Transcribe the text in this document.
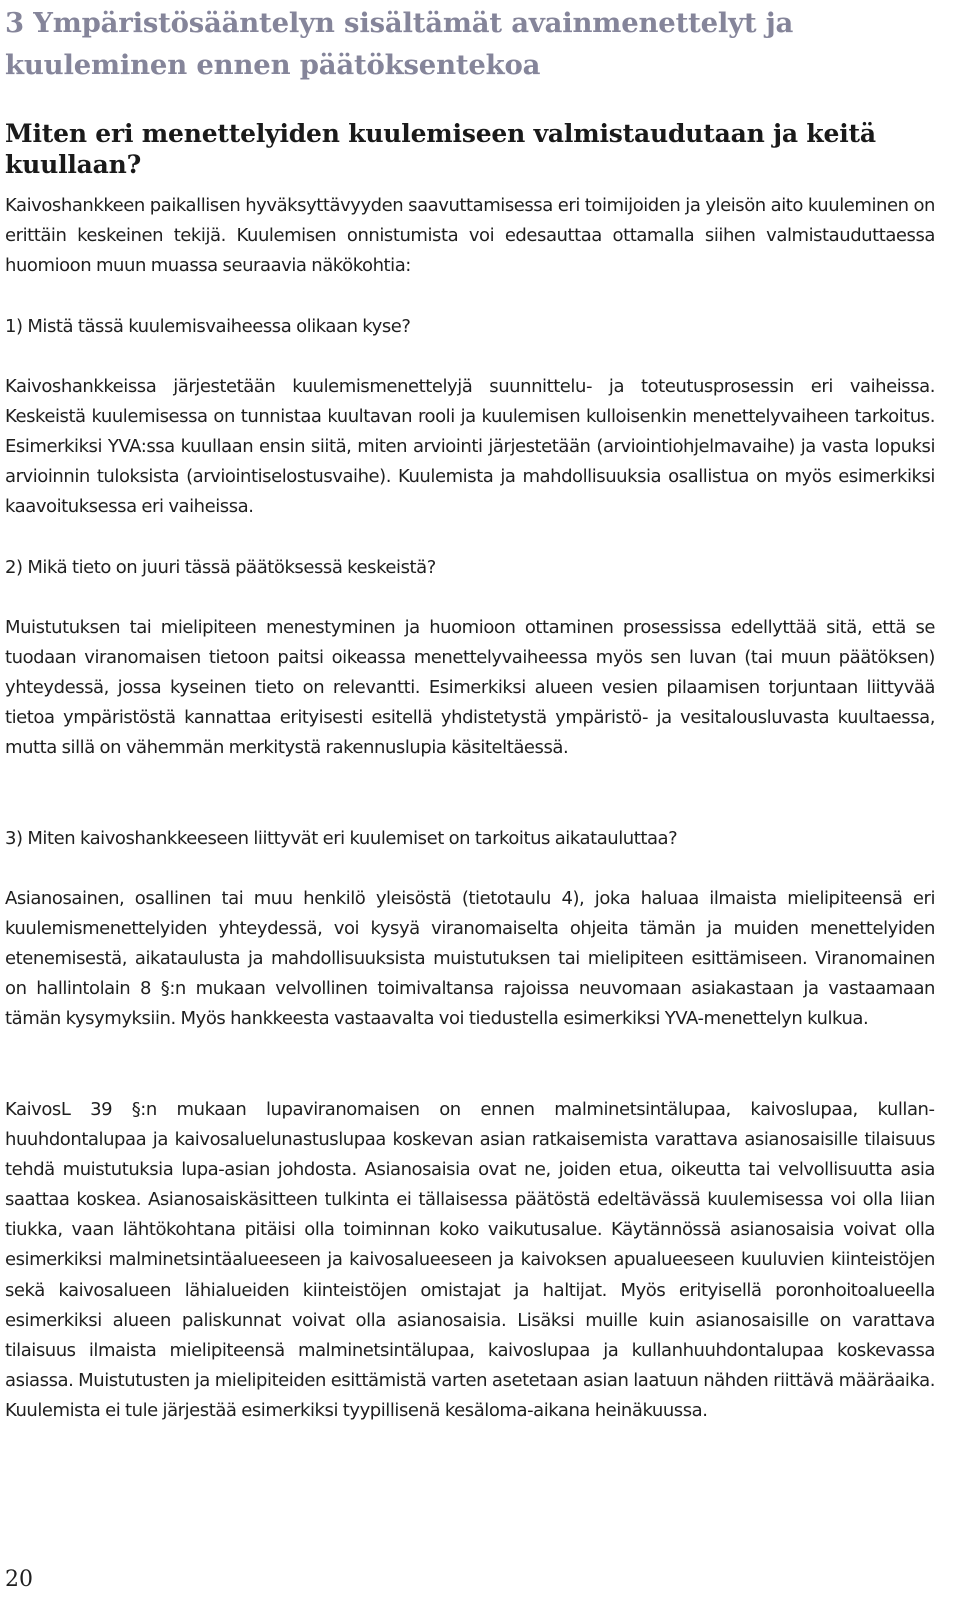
3 Ympäristösääntelyn sisältämät avainmenettelyt ja kuuleminen ennen päätöksentekoa
Miten eri menettelyiden kuulemiseen valmistaudutaan ja keitä kuullaan?

Kaivoshankkeen paikallisen hyväksyttävyyden saavuttamisessa eri toimijoiden ja yleisön aito kuuleminen on erittäin keskeinen tekijä. Kuulemisen onnistumista voi edesauttaa ottamalla siihen valmistauduttaessa huomioon muun muassa seuraavia näkökohtia:

1) Mistä tässä kuulemisvaiheessa olikaan kyse?

Kaivoshankkeissa järjestetään kuulemismenettelyjä suunnittelu- ja toteutusprosessin eri vaiheissa. Keskeistä kuulemisessa on tunnistaa kuultavan rooli ja kuulemisen kulloisenkin menettelyvaiheen tarkoitus. Esimerkiksi YVA:ssa kuullaan ensin siitä, miten arviointi järjestetään (arviointiohjelmavaihe) ja vasta lopuksi arvioinnin tuloksista (arviointiselostusvaihe). Kuulemista ja mahdollisuuksia osallistua on myös esimerkiksi kaavoituksessa eri vaiheissa.

2) Mikä tieto on juuri tässä päätöksessä keskeistä?

Muistutuksen tai mielipiteen menestyminen ja huomioon ottaminen prosessissa edellyttää sitä, että se tuodaan viranomaisen tietoon paitsi oikeassa menettelyvaiheessa myös sen luvan (tai muun päätöksen) yhteydessä, jossa kyseinen tieto on relevantti. Esimerkiksi alueen vesien pilaamisen torjuntaan liittyvää tietoa ympäristöstä kannattaa erityisesti esitellä yhdistetystä ympäristö- ja vesitalousluvasta kuultaessa, mutta sillä on vähemmän merkitystä rakennuslupia käsiteltäessä.

3) Miten kaivoshankkeeseen liittyvät eri kuulemiset on tarkoitus aikatauluttaa?

Asianosainen, osallinen tai muu henkilö yleisöstä (tietotaulu 4), joka haluaa ilmaista mielipiteensä eri kuulemismenettelyiden yhteydessä, voi kysyä viranomaiselta ohjeita tämän ja muiden menettelyiden etenemisestä, aikataulusta ja mahdollisuuksista muistutuksen tai mielipiteen esittämiseen. Viranomainen on hallintolain 8 §:n mukaan velvollinen toimivaltansa rajoissa neuvomaan asiakastaan ja vastaamaan tämän kysymyksiin. Myös hankkeesta vastaavalta voi tiedustella esimerkiksi YVA-menettelyn kulkua.

KaivosL 39 §:n mukaan lupaviranomaisen on ennen malminetsintälupaa, kaivoslupaa, kullanhuuhdontalupaa ja kaivosaluelunastuslupaa koskevan asian ratkaisemista varattava asianosaisille tilaisuus tehdä muistutuksia lupa-asian johdosta. Asianosaisia ovat ne, joiden etua, oikeutta tai velvollisuutta asia saattaa koskea. Asianosaiskäsitteen tulkinta ei tällaisessa päätöstä edeltävässä kuulemisessa voi olla liian tiukka, vaan lähtökohtana pitäisi olla toiminnan koko vaikutusalue. Käytännössä asianosaisia voivat olla esimerkiksi malminetsintäalueeseen ja kaivosalueeseen ja kaivoksen apualueeseen kuuluvien kiinteistöjen sekä kaivosalueen lähialueiden kiinteistöjen omistajat ja haltijat. Myös erityisellä poronhoitoalueella esimerkiksi alueen paliskunnat voivat olla asianosaisia. Lisäksi muille kuin asianosaisille on varattava tilaisuus ilmaista mielipiteensä malminetsintälupaa, kaivoslupaa ja kullanhuuhdontalupaa koskevassa asiassa. Muistutusten ja mielipiteiden esittämistä varten asetetaan asian laatuun nähden riittävä määräaika. Kuulemista ei tule järjestää esimerkiksi tyypillisenä kesäloma-aikana heinäkuussa.

20
